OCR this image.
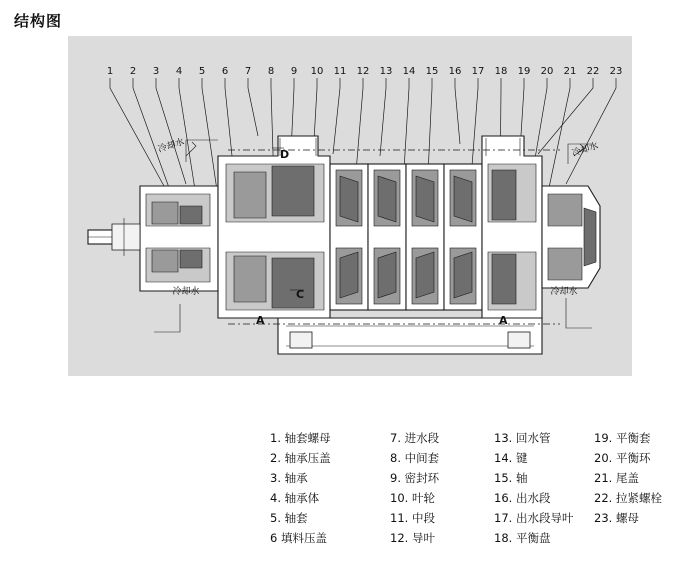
结构图
1 2 3 4 5 6 7 8 9 10 11 12 13 14 15 16 17 18 19 20 21 22 23
D
C
A	A
冷却水	冷却水
冷却水	冷却水
1. 轴套螺母
2. 轴承压盖
3. 轴承
4. 轴承体
5. 轴套
6 填料压盖
7. 进水段
8. 中间套
9. 密封环
10. 叶轮
11. 中段
12. 导叶
13. 回水管
14. 键
15. 轴
16. 出水段
17. 出水段导叶
18. 平衡盘
19. 平衡套
20. 平衡环
21. 尾盖
22. 拉紧螺栓
23. 螺母
